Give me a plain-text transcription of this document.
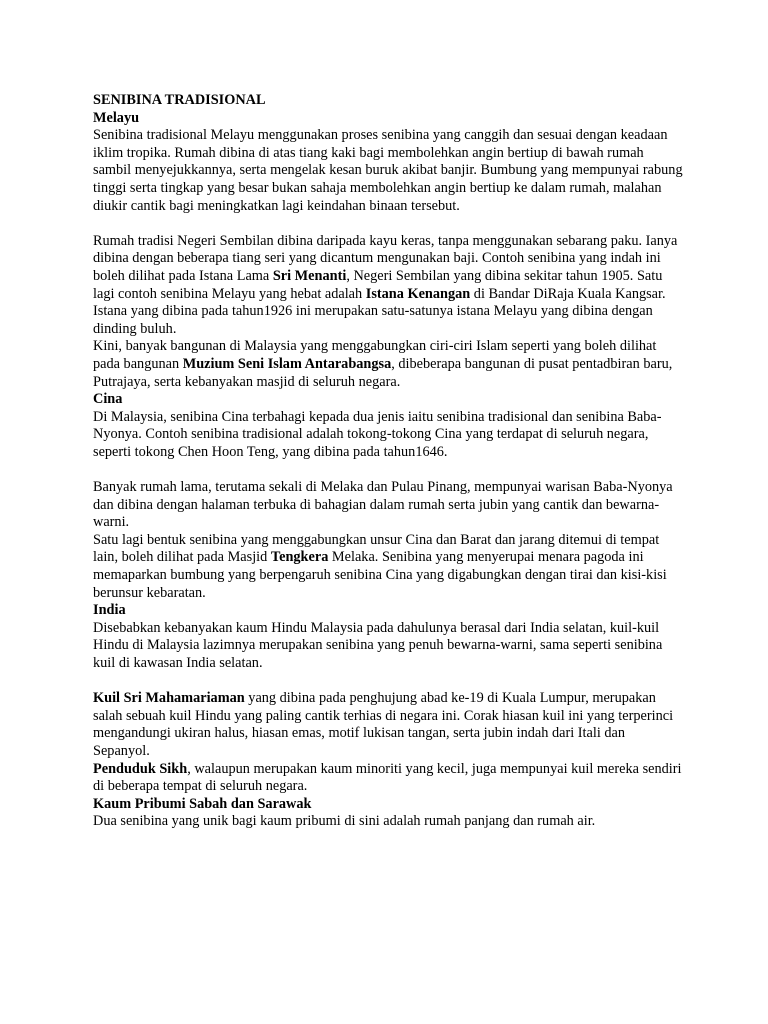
SENIBINA TRADISIONAL

Melayu

Senibina tradisional Melayu menggunakan proses senibina yang canggih dan sesuai dengan keadaan iklim tropika. Rumah dibina di atas tiang kaki bagi membolehkan angin bertiup di bawah rumah sambil menyejukkannya, serta mengelak kesan buruk akibat banjir. Bumbung yang mempunyai rabung tinggi serta tingkap yang besar bukan sahaja membolehkan angin bertiup ke dalam rumah, malahan diukir cantik bagi meningkatkan lagi keindahan binaan tersebut.

Rumah tradisi Negeri Sembilan dibina daripada kayu keras, tanpa menggunakan sebarang paku. Ianya dibina dengan beberapa tiang seri yang dicantum mengunakan baji. Contoh senibina yang indah ini boleh dilihat pada Istana Lama Sri Menanti, Negeri Sembilan yang dibina sekitar tahun 1905. Satu lagi contoh senibina Melayu yang hebat adalah Istana Kenangan di Bandar DiRaja Kuala Kangsar. Istana yang dibina pada tahun1926 ini merupakan satu-satunya istana Melayu yang dibina dengan dinding buluh.

Kini, banyak bangunan di Malaysia yang menggabungkan ciri-ciri Islam seperti yang boleh dilihat pada bangunan Muzium Seni Islam Antarabangsa, dibeberapa bangunan di pusat pentadbiran baru, Putrajaya, serta kebanyakan masjid di seluruh negara.

Cina

Di Malaysia, senibina Cina terbahagi kepada dua jenis iaitu senibina tradisional dan senibina Baba-Nyonya. Contoh senibina tradisional adalah tokong-tokong Cina yang terdapat di seluruh negara, seperti tokong Chen Hoon Teng, yang dibina pada tahun1646.

Banyak rumah lama, terutama sekali di Melaka dan Pulau Pinang, mempunyai warisan Baba-Nyonya dan dibina dengan halaman terbuka di bahagian dalam rumah serta jubin yang cantik dan bewarna-warni.

Satu lagi bentuk senibina yang menggabungkan unsur Cina dan Barat dan jarang ditemui di tempat lain, boleh dilihat pada Masjid Tengkera Melaka. Senibina yang menyerupai menara pagoda ini memaparkan bumbung yang berpengaruh senibina Cina yang digabungkan dengan tirai dan kisi-kisi berunsur kebaratan.

India

Disebabkan kebanyakan kaum Hindu Malaysia pada dahulunya berasal dari India selatan, kuil-kuil Hindu di Malaysia lazimnya merupakan senibina yang penuh bewarna-warni, sama seperti senibina kuil di kawasan India selatan.

Kuil Sri Mahamariaman yang dibina pada penghujung abad ke-19 di Kuala Lumpur, merupakan salah sebuah kuil Hindu yang paling cantik terhias di negara ini. Corak hiasan kuil ini yang terperinci mengandungi ukiran halus, hiasan emas, motif lukisan tangan, serta jubin indah dari Itali dan Sepanyol.

Penduduk Sikh, walaupun merupakan kaum minoriti yang kecil, juga mempunyai kuil mereka sendiri di beberapa tempat di seluruh negara.

Kaum Pribumi Sabah dan Sarawak

Dua senibina yang unik bagi kaum pribumi di sini adalah rumah panjang dan rumah air.
